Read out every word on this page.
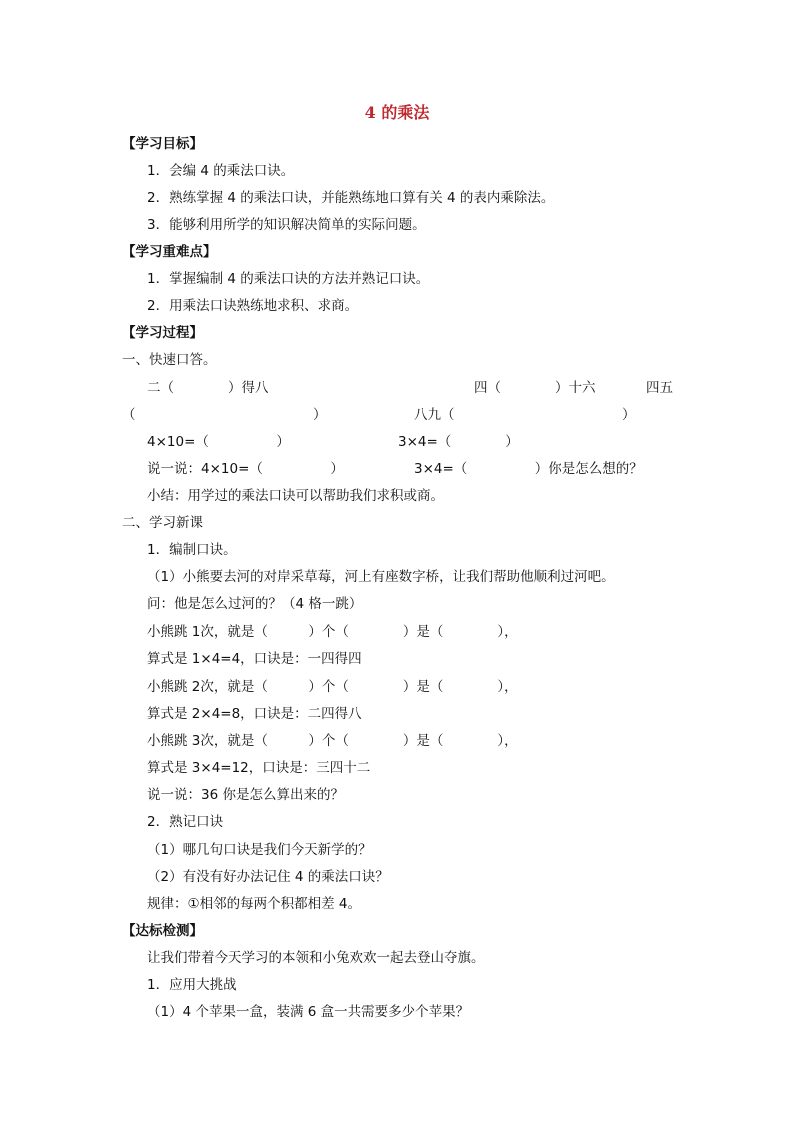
4 的乘法
【学习目标】
1．会编 4 的乘法口诀。
2．熟练掌握 4 的乘法口诀，并能熟练地口算有关 4 的表内乘除法。
3．能够利用所学的知识解决简单的实际问题。
【学习重难点】
1．掌握编制 4 的乘法口诀的方法并熟记口诀。
2．用乘法口诀熟练地求积、求商。
【学习过程】
一、快速口答。
二（　　　　）得八	四（　　　　）十六	四五
（	）	八九（	）
4×10=（　　　　　）	3×4=（　　　　）
说一说：4×10=（　　　　　）	3×4=（　　　　　）你是怎么想的？
小结：用学过的乘法口诀可以帮助我们求积或商。
二、学习新课
1．编制口诀。
（1）小熊要去河的对岸采草莓，河上有座数字桥，让我们帮助他顺利过河吧。
问：他是怎么过河的？（4 格一跳）
小熊跳 1次，就是（　　　）个（　　　　）是（　　　　），
算式是 1×4=4，口诀是：一四得四
小熊跳 2次，就是（　　　）个（　　　　）是（　　　　），
算式是 2×4=8，口诀是：二四得八
小熊跳 3次，就是（　　　）个（　　　　）是（　　　　），
算式是 3×4=12，口诀是：三四十二
说一说：36 你是怎么算出来的？
2．熟记口诀
（1）哪几句口诀是我们今天新学的？
（2）有没有好办法记住 4 的乘法口诀？
规律：①相邻的每两个积都相差 4。
【达标检测】
让我们带着今天学习的本领和小兔欢欢一起去登山夺旗。
1．应用大挑战
（1）4 个苹果一盒，装满 6 盒一共需要多少个苹果？
